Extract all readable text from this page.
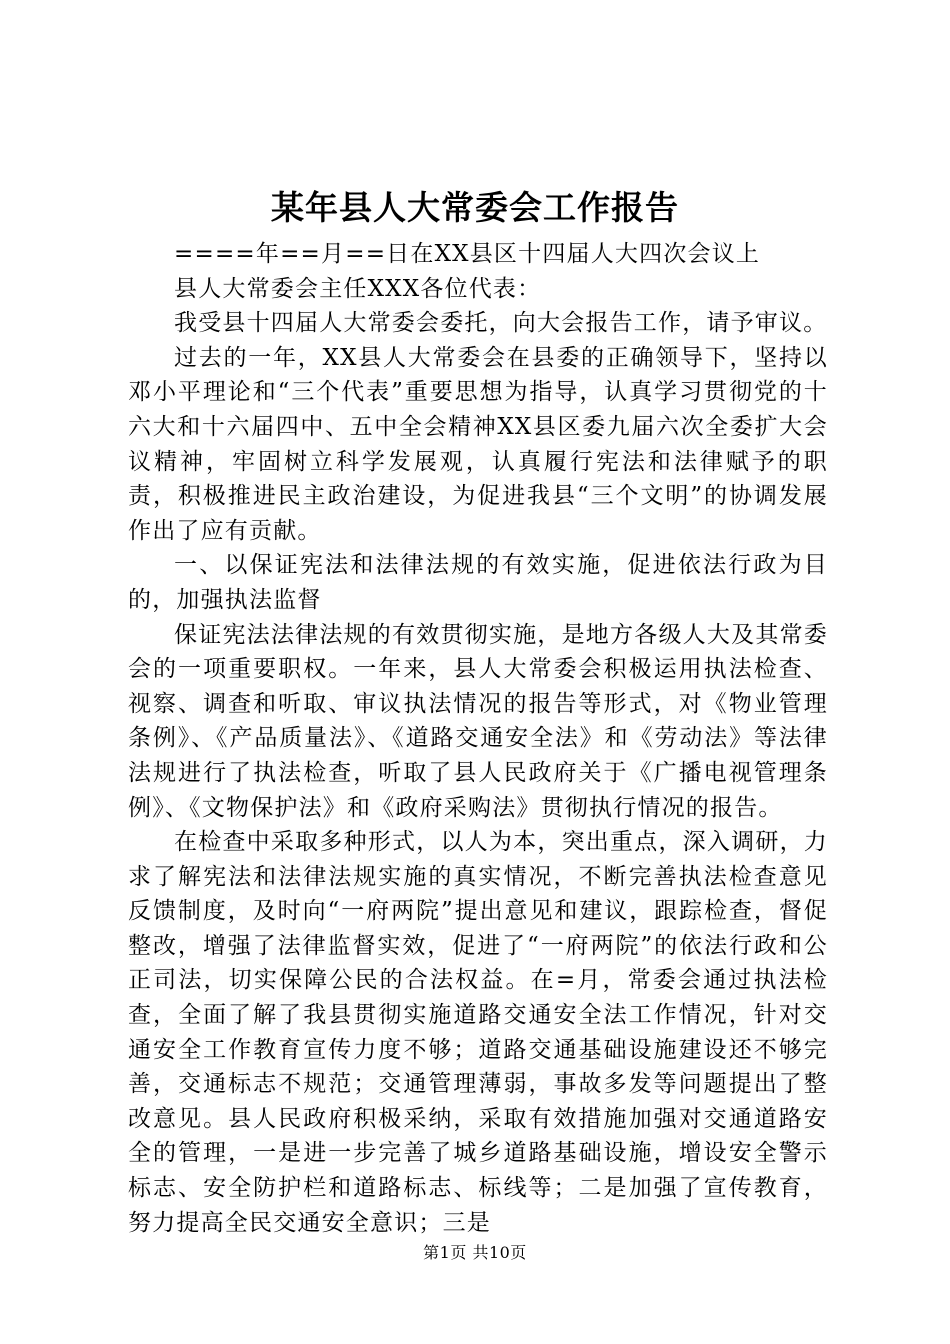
某年县人大常委会工作报告

====年==月==日在XX县区十四届人大四次会议上

县人大常委会主任XXX各位代表：

我受县十四届人大常委会委托，向大会报告工作，请予审议。

过去的一年，XX县人大常委会在县委的正确领导下，坚持以邓小平理论和“三个代表”重要思想为指导，认真学习贯彻党的十六大和十六届四中、五中全会精神XX县区委九届六次全委扩大会议精神，牢固树立科学发展观，认真履行宪法和法律赋予的职责，积极推进民主政治建设，为促进我县“三个文明”的协调发展作出了应有贡献。

一、以保证宪法和法律法规的有效实施，促进依法行政为目的，加强执法监督

保证宪法法律法规的有效贯彻实施，是地方各级人大及其常委会的一项重要职权。一年来，县人大常委会积极运用执法检查、视察、调查和听取、审议执法情况的报告等形式，对《物业管理条例》、《产品质量法》、《道路交通安全法》和《劳动法》等法律法规进行了执法检查，听取了县人民政府关于《广播电视管理条例》、《文物保护法》和《政府采购法》贯彻执行情况的报告。

在检查中采取多种形式，以人为本，突出重点，深入调研，力求了解宪法和法律法规实施的真实情况，不断完善执法检查意见反馈制度，及时向“一府两院”提出意见和建议，跟踪检查，督促整改，增强了法律监督实效，促进了“一府两院”的依法行政和公正司法，切实保障公民的合法权益。在=月，常委会通过执法检查，全面了解了我县贯彻实施道路交通安全法工作情况，针对交通安全工作教育宣传力度不够；道路交通基础设施建设还不够完善，交通标志不规范；交通管理薄弱，事故多发等问题提出了整改意见。县人民政府积极采纳，采取有效措施加强对交通道路安全的管理，一是进一步完善了城乡道路基础设施，增设安全警示标志、安全防护栏和道路标志、标线等；二是加强了宣传教育，努力提高全民交通安全意识；三是

第1页 共10页
